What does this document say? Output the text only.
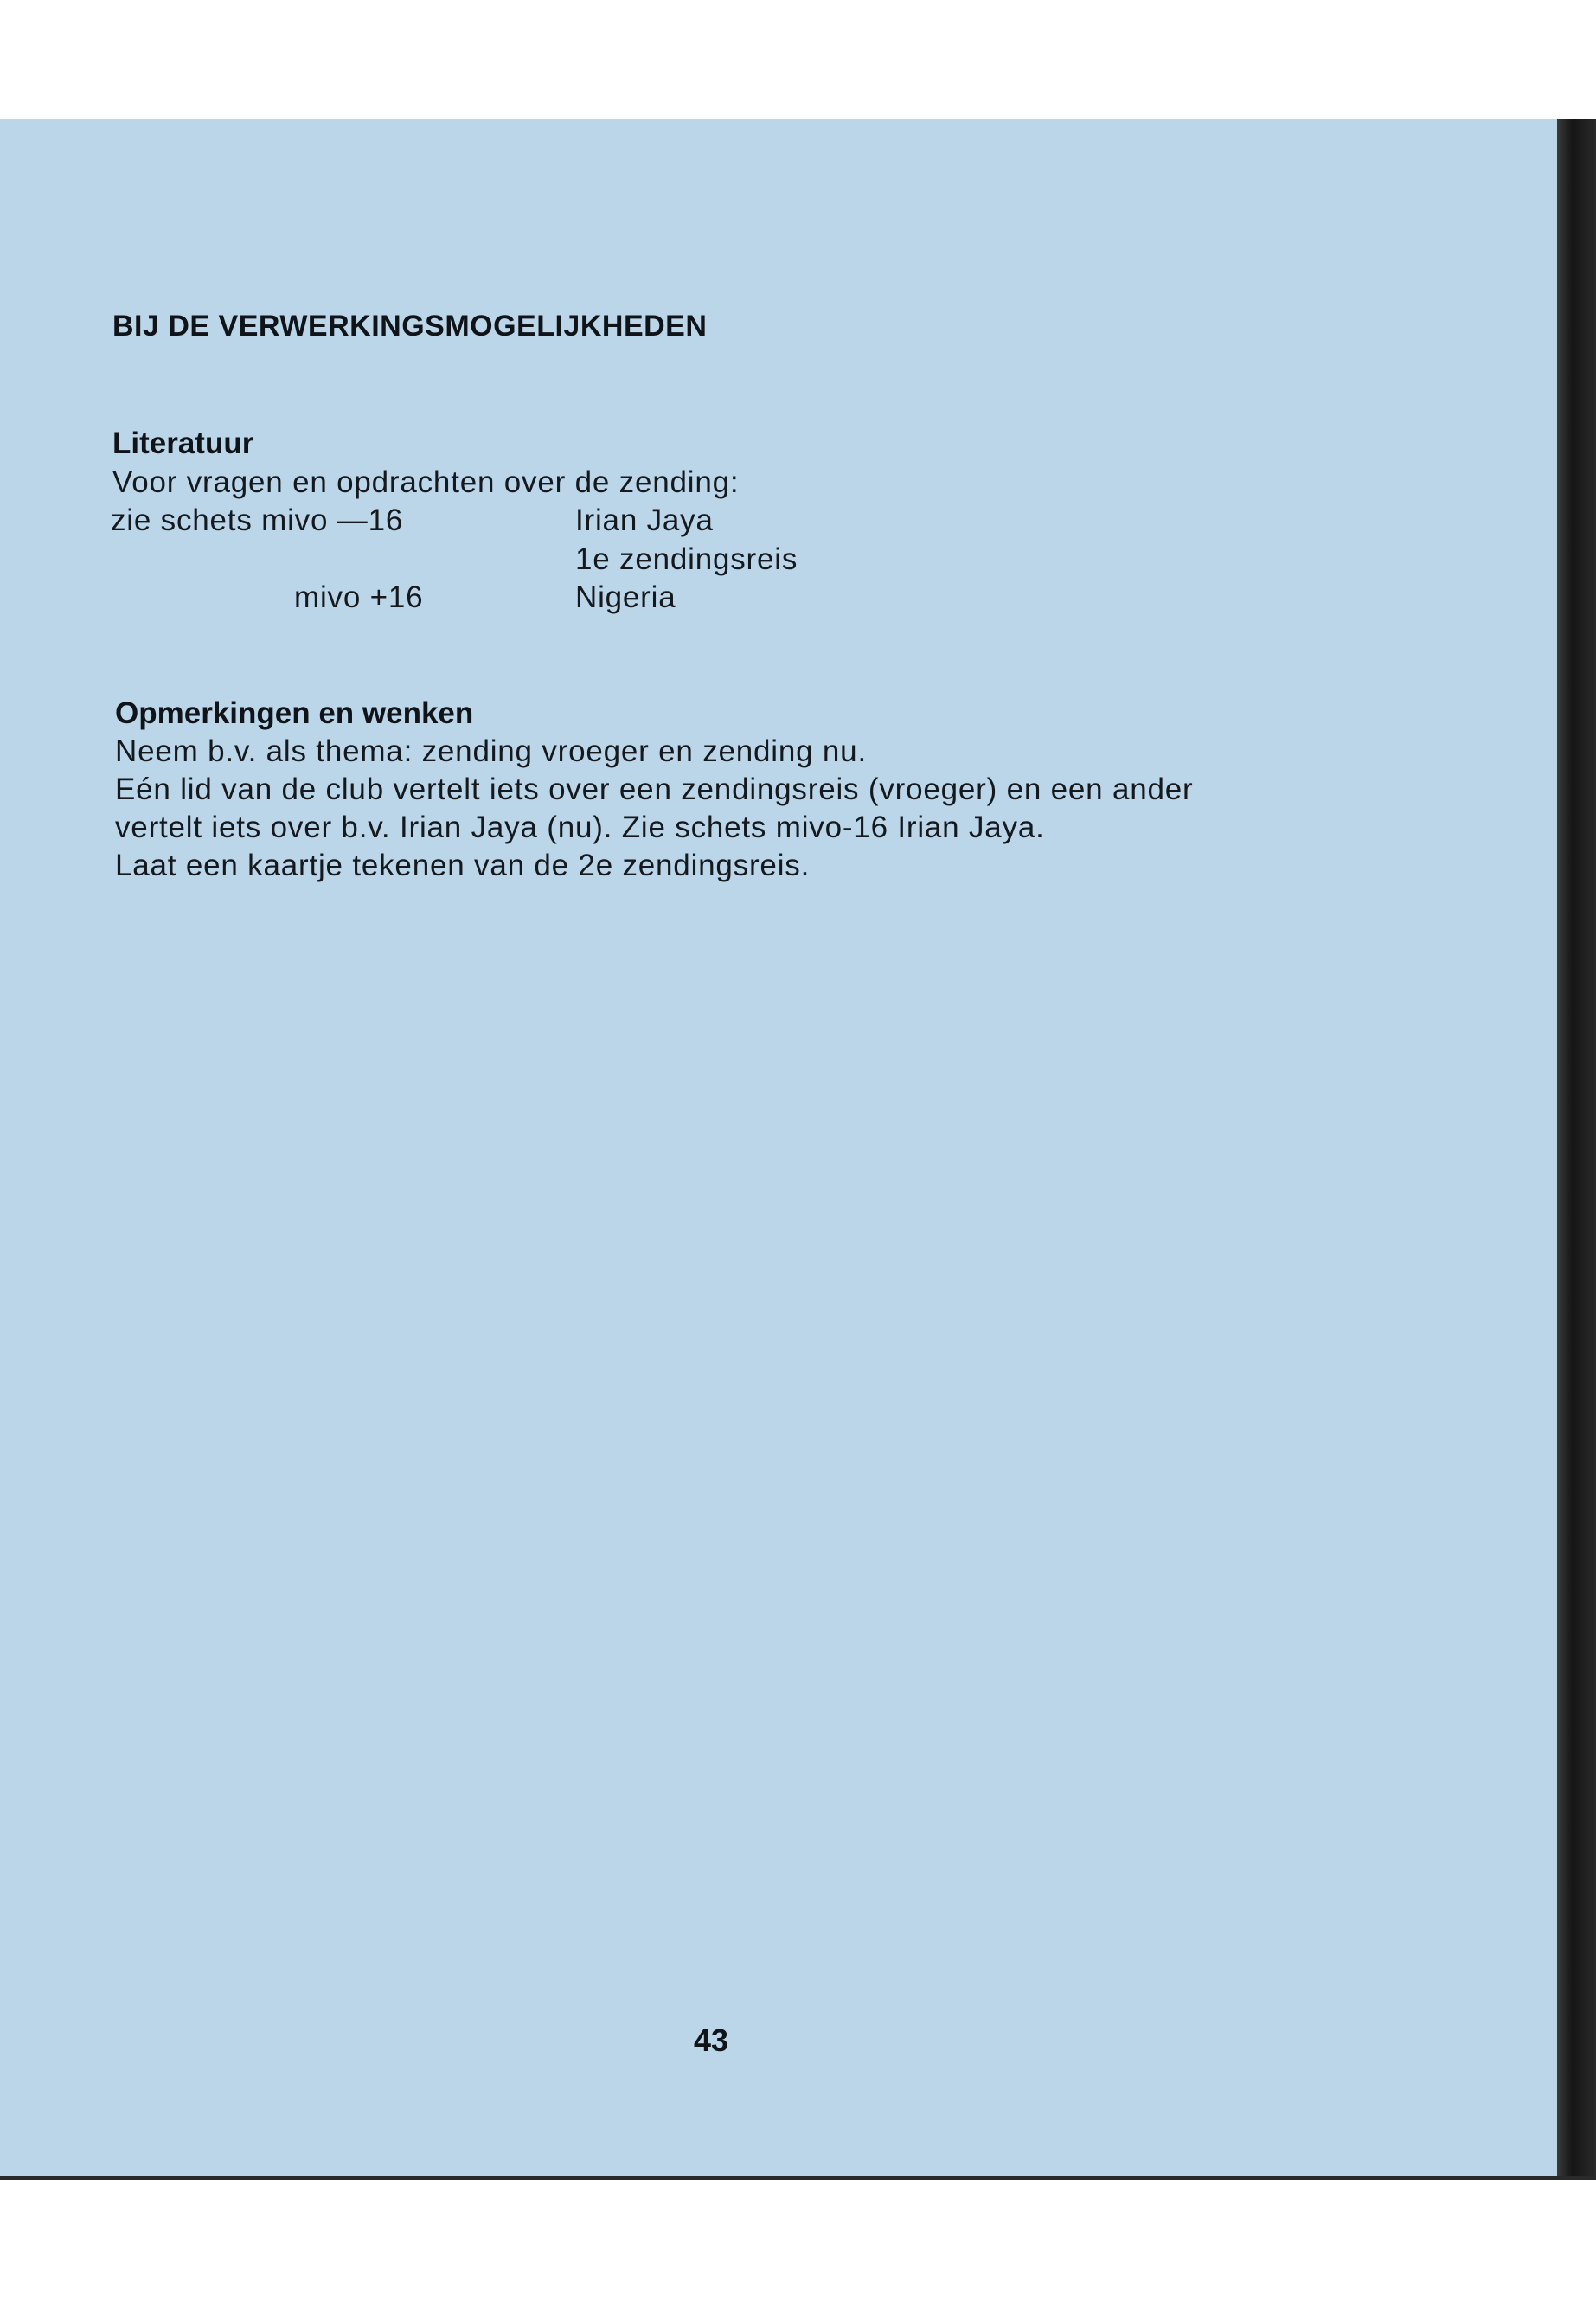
BIJ DE VERWERKINGSMOGELIJKHEDEN
Literatuur
Voor vragen en opdrachten over de zending:
zie schets mivo —16	Irian Jaya
1e zendingsreis
mivo +16	Nigeria
Opmerkingen en wenken
Neem b.v. als thema: zending vroeger en zending nu.
Eén lid van de club vertelt iets over een zendingsreis (vroeger) en een ander
vertelt iets over b.v. Irian Jaya (nu). Zie schets mivo-16 Irian Jaya.
Laat een kaartje tekenen van de 2e zendingsreis.
43
